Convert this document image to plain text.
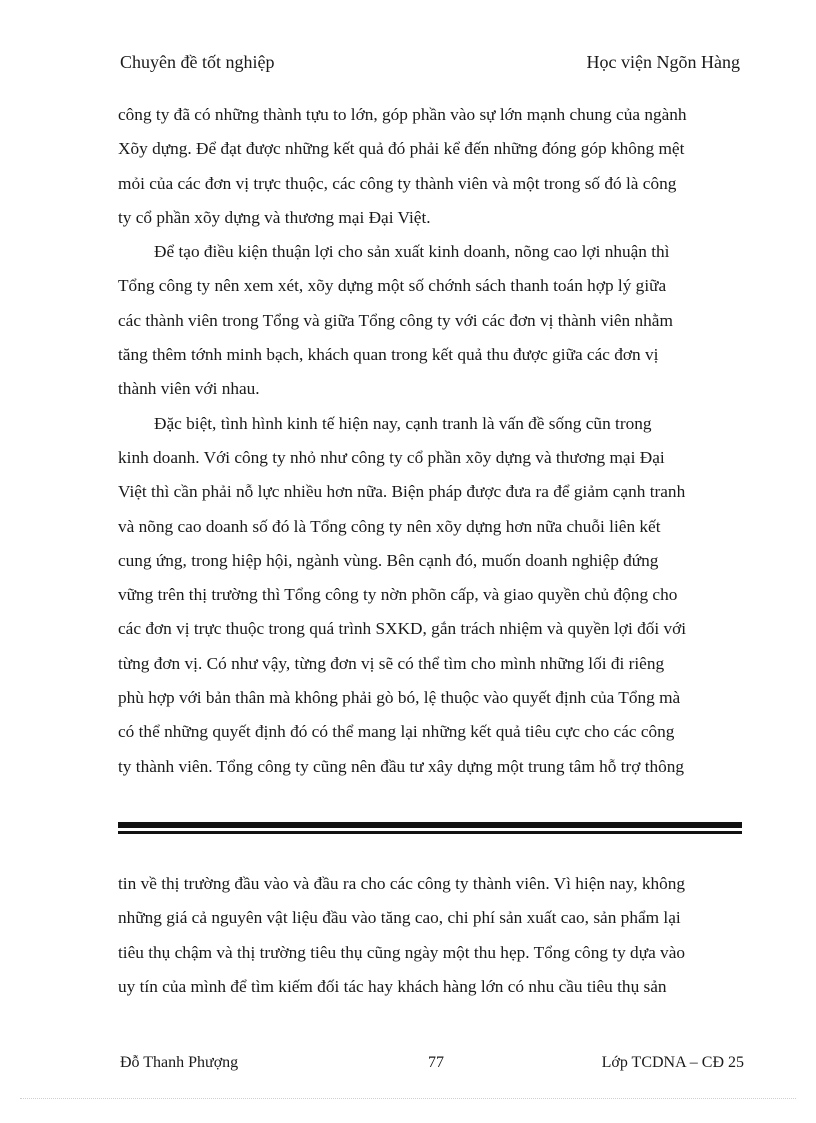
Chuyên đề tốt nghiệp	Học viện Ngõn Hàng

công ty đã có những thành tựu to lớn, góp phần vào sự lớn mạnh chung của ngành

Xõy dựng. Để đạt được những kết quả đó phải kể đến những đóng góp không mệt

mỏi của các đơn vị trực thuộc, các công ty thành viên và một trong số đó là công

ty cổ phần xõy dựng và thương mại Đại Việt.

Để tạo điều kiện thuận lợi cho sản xuất kinh doanh, nõng cao lợi nhuận thì

Tổng công ty nên xem xét, xõy dựng một số chớnh sách thanh toán hợp lý giữa

các thành viên trong Tổng và giữa Tổng công ty với các đơn vị thành viên nhằm

tăng thêm tớnh minh bạch, khách quan trong kết quả thu được giữa các đơn vị

thành viên với nhau.

Đặc biệt, tình hình kinh tế hiện nay, cạnh tranh là vấn đề sống cũn trong

kinh doanh. Với công ty nhỏ như công ty cổ phần xõy dựng và thương mại Đại

Việt thì cần phải nỗ lực nhiều hơn nữa. Biện pháp được đưa ra để giảm cạnh tranh

và nõng cao doanh số đó là Tổng công ty nên xõy dựng hơn nữa chuỗi liên kết

cung ứng, trong hiệp hội, ngành vùng. Bên cạnh đó, muốn doanh nghiệp đứng

vững trên thị trường thì Tổng công ty nờn phõn cấp, và giao quyền chủ động cho

các đơn vị trực thuộc trong quá trình SXKD, gắn trách nhiệm và quyền lợi đối với

từng đơn vị. Có như vậy, từng đơn vị sẽ có thể tìm cho mình những lối đi riêng

phù hợp với bản thân mà không phải gò bó, lệ thuộc vào quyết định của Tổng mà

có thể những quyết định đó có thể mang lại những kết quả tiêu cực cho các công

ty thành viên. Tổng công ty cũng nên đầu tư xây dựng một trung tâm hỗ trợ thông

tin về thị trường đầu vào và đầu ra cho các công ty thành viên. Vì hiện nay, không

những giá cả nguyên vật liệu đầu vào tăng cao, chi phí sản xuất cao, sản phẩm lại

tiêu thụ chậm và thị trường tiêu thụ cũng ngày một thu hẹp. Tổng công ty dựa vào

uy tín của mình để tìm kiếm đối tác hay khách hàng lớn có nhu cầu tiêu thụ sản

Đỗ Thanh Phượng	77	Lớp TCDNA – CĐ 25
